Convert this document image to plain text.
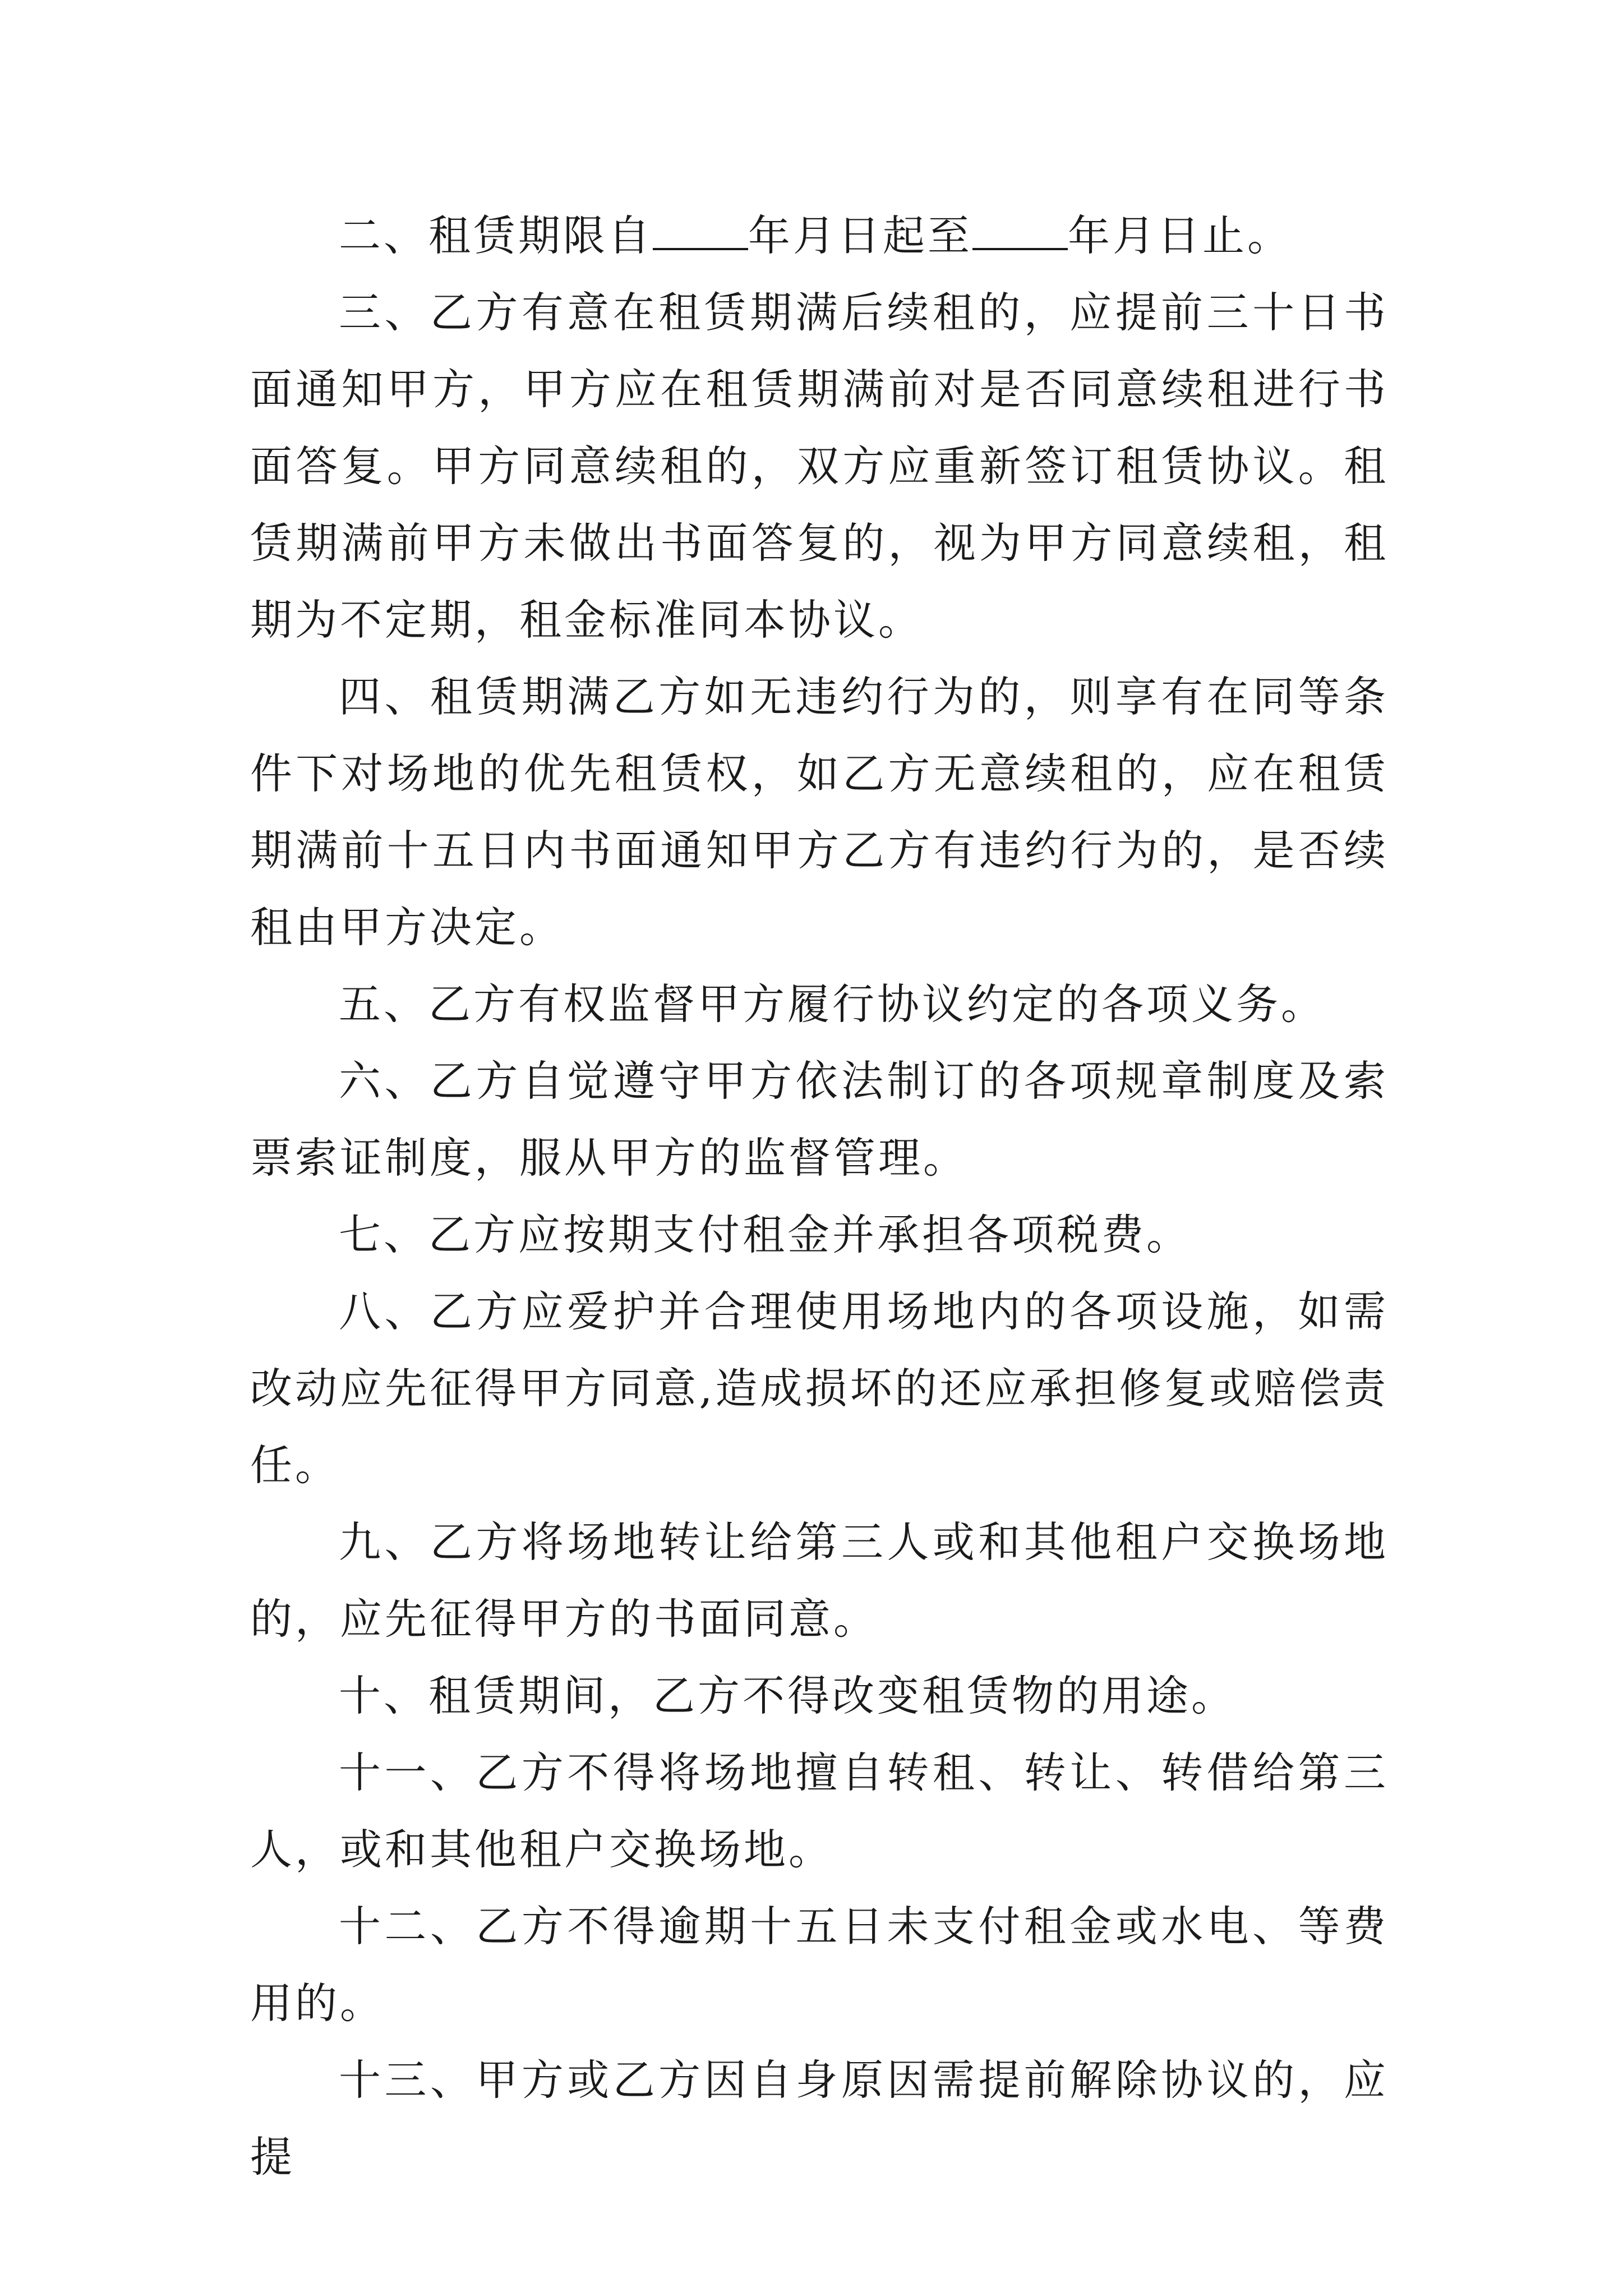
二、租赁期限自 年月日起至 年月日止。

三、乙方有意在租赁期满后续租的，应提前三十日书面通知甲方，甲方应在租赁期满前对是否同意续租进行书面答复。甲方同意续租的，双方应重新签订租赁协议。租赁期满前甲方未做出书面答复的，视为甲方同意续租，租期为不定期，租金标准同本协议。

四、租赁期满乙方如无违约行为的，则享有在同等条件下对场地的优先租赁权，如乙方无意续租的，应在租赁期满前十五日内书面通知甲方乙方有违约行为的，是否续租由甲方决定。

五、乙方有权监督甲方履行协议约定的各项义务。

六、乙方自觉遵守甲方依法制订的各项规章制度及索票索证制度，服从甲方的监督管理。

七、乙方应按期支付租金并承担各项税费。

八、乙方应爱护并合理使用场地内的各项设施，如需改动应先征得甲方同意,造成损坏的还应承担修复或赔偿责任。

九、乙方将场地转让给第三人或和其他租户交换场地的，应先征得甲方的书面同意。

十、租赁期间，乙方不得改变租赁物的用途。

十一、乙方不得将场地擅自转租、转让、转借给第三人，或和其他租户交换场地。

十二、乙方不得逾期十五日未支付租金或水电、等费用的。

十三、甲方或乙方因自身原因需提前解除协议的，应提
